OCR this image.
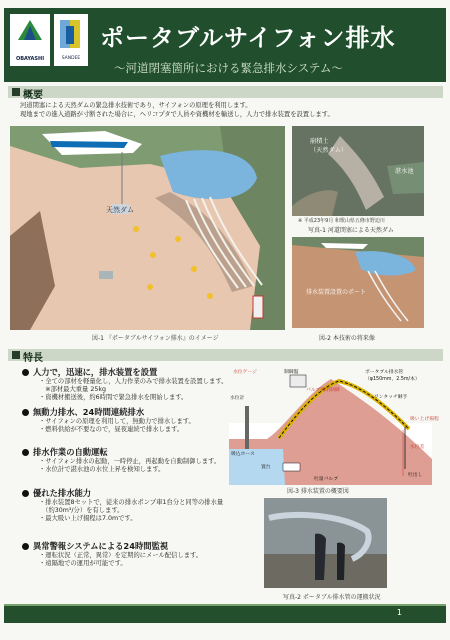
OBAYASHI	SANDEE
ポータブルサイフォン排水
〜河道閉塞箇所における緊急排水システム〜
概要
河道閉塞による天然ダムの緊急排水技術であり，サイフォンの原理を利用します。
現地までの進入道路が寸断された場合に，ヘリコプタで人員や資機材を輸送し，人力で排水装置を設置します。
天然ダム
図-1 『ポータブルサイフォン排水』のイメージ
崩積土
（天然ダム）
湛水池
※ 平成23年9月 和歌山県五條市野迫川
写真-1 河道閉塞による天然ダム
排水装置設置のポート
図-2 本技術の将来像
特長
人力で，迅速に，排水装置を設置
・全ての部材を軽量化し，人力作業のみで排水装置を設置します。
　※部材最大重量 25kg
・資機材搬送後，約6時間で緊急排水を開始します。
無動力排水、24時間連続排水
・サイフォンの原理を利用して，無動力で排水します。
・燃料供給が不要なので，昼夜連続で排水します。
排水作業の自動運転
・サイフォン排水の起動，一時停止，再起動を自動制御します。
・水位計で湛水池の水位上昇を検知します。
優れた排水能力
・排水装置8セットで，従来の排水ポンプ車1台分と同等の排水量
　（約30m³/分）を有します。
・最大吸い上げ揚程は7.0mです。
異常警報システムによる24時間監視
・運転状況（正常，異常）を定期的にメール配信します。
・遠隔地での運用が可能です。
水位ゲージ	制御盤
バルブ開閉制御
ポータブル排水管
（φ150mm，2.5m/本）
ワンタッチ継手
水位計
吸込ホース
置台
吸い上げ揚程
水位差
吐出し
吐量バルブ
図-3 排水装置の概要図
写真-2 ポータブル排水管の運搬状況
1
